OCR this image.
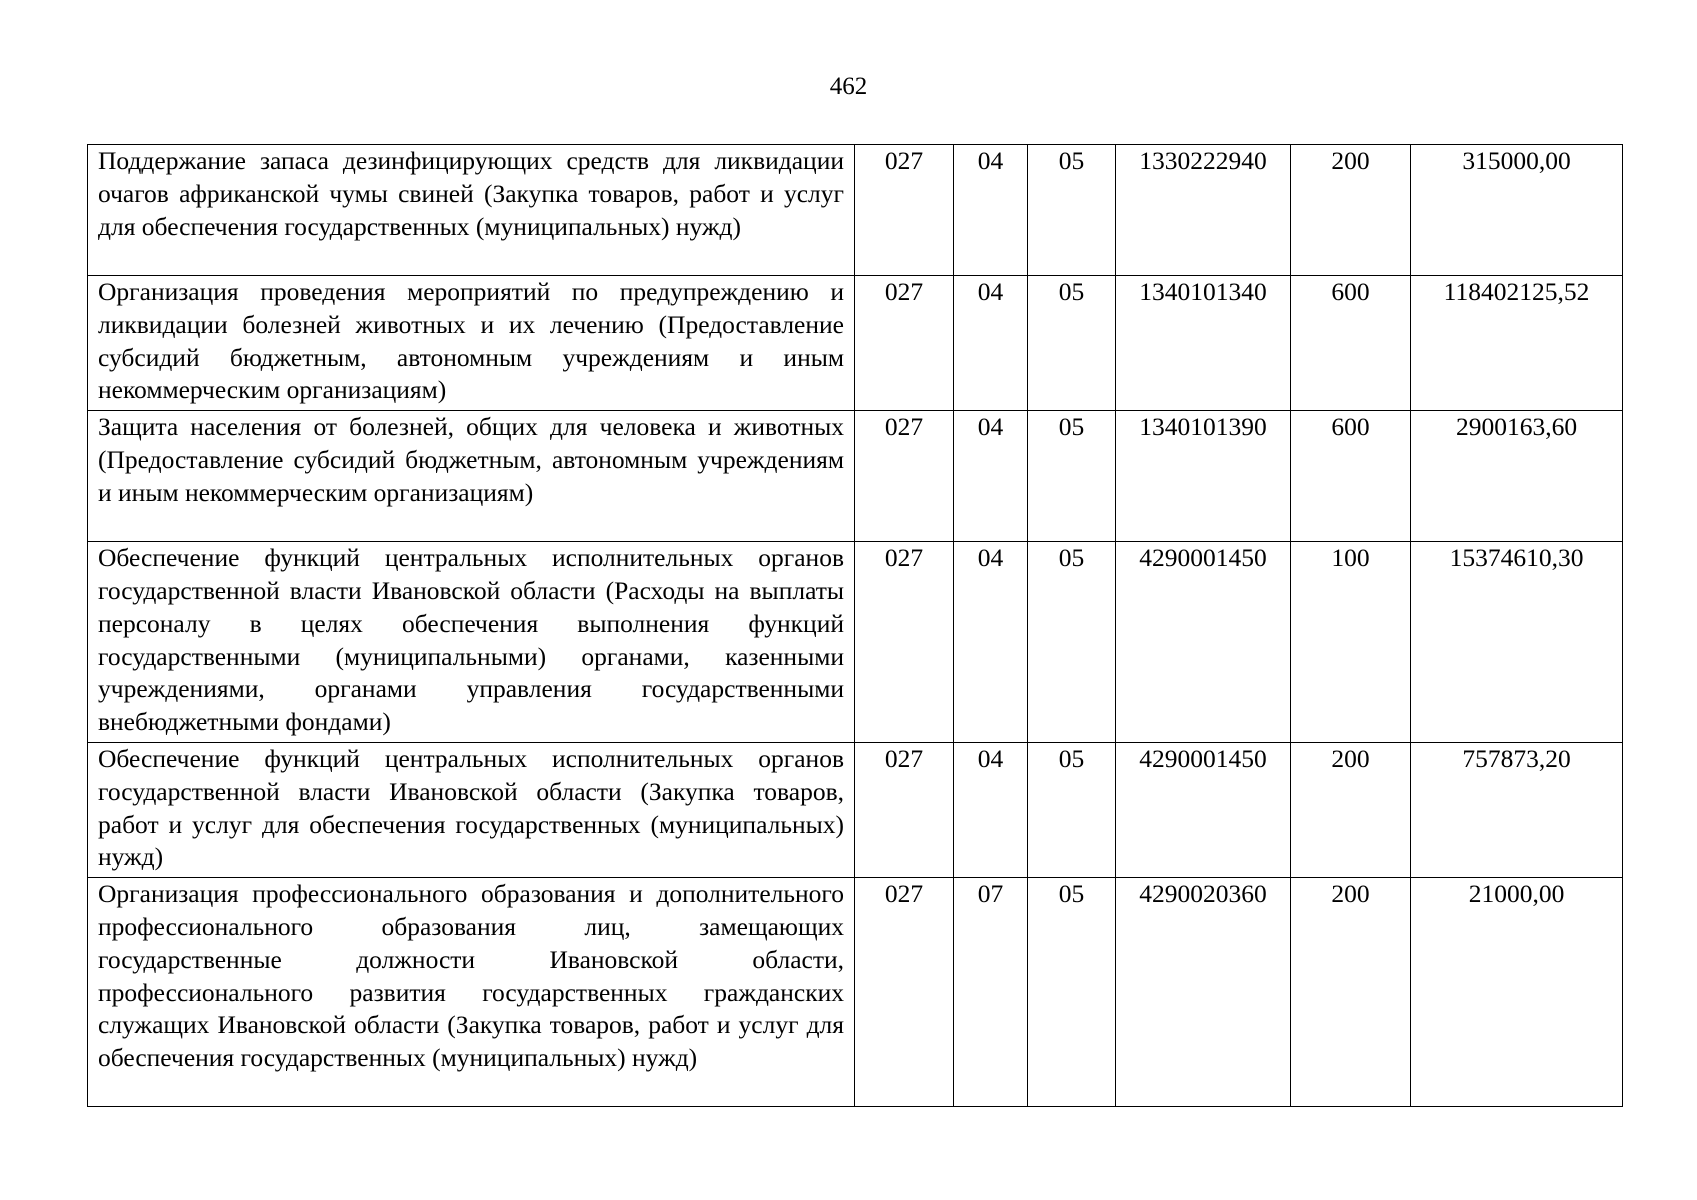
462
Поддержание запаса дезинфицирующих средств для ликвидации очагов африканской чумы свиней (Закупка товаров, работ и услуг для обеспечения государственных (муниципальных) нужд)	027	04	05	1330222940	200	315000,00
Организация проведения мероприятий по предупреждению и ликвидации болезней животных и их лечению (Предоставление субсидий бюджетным, автономным учреждениям и иным некоммерческим организациям)	027	04	05	1340101340	600	118402125,52
Защита населения от болезней, общих для человека и животных (Предоставление субсидий бюджетным, автономным учреждениям и иным некоммерческим организациям)	027	04	05	1340101390	600	2900163,60
Обеспечение функций центральных исполнительных органов государственной власти Ивановской области (Расходы на выплаты персоналу в целях обеспечения выполнения функций государственными (муниципальными) органами, казенными учреждениями, органами управления государственными внебюджетными фондами)	027	04	05	4290001450	100	15374610,30
Обеспечение функций центральных исполнительных органов государственной власти Ивановской области (Закупка товаров, работ и услуг для обеспечения государственных (муниципальных) нужд)	027	04	05	4290001450	200	757873,20
Организация профессионального образования и дополнительного профессионального образования лиц, замещающих государственные должности Ивановской области, профессионального развития государственных гражданских служащих Ивановской области (Закупка товаров, работ и услуг для обеспечения государственных (муниципальных) нужд)	027	07	05	4290020360	200	21000,00
